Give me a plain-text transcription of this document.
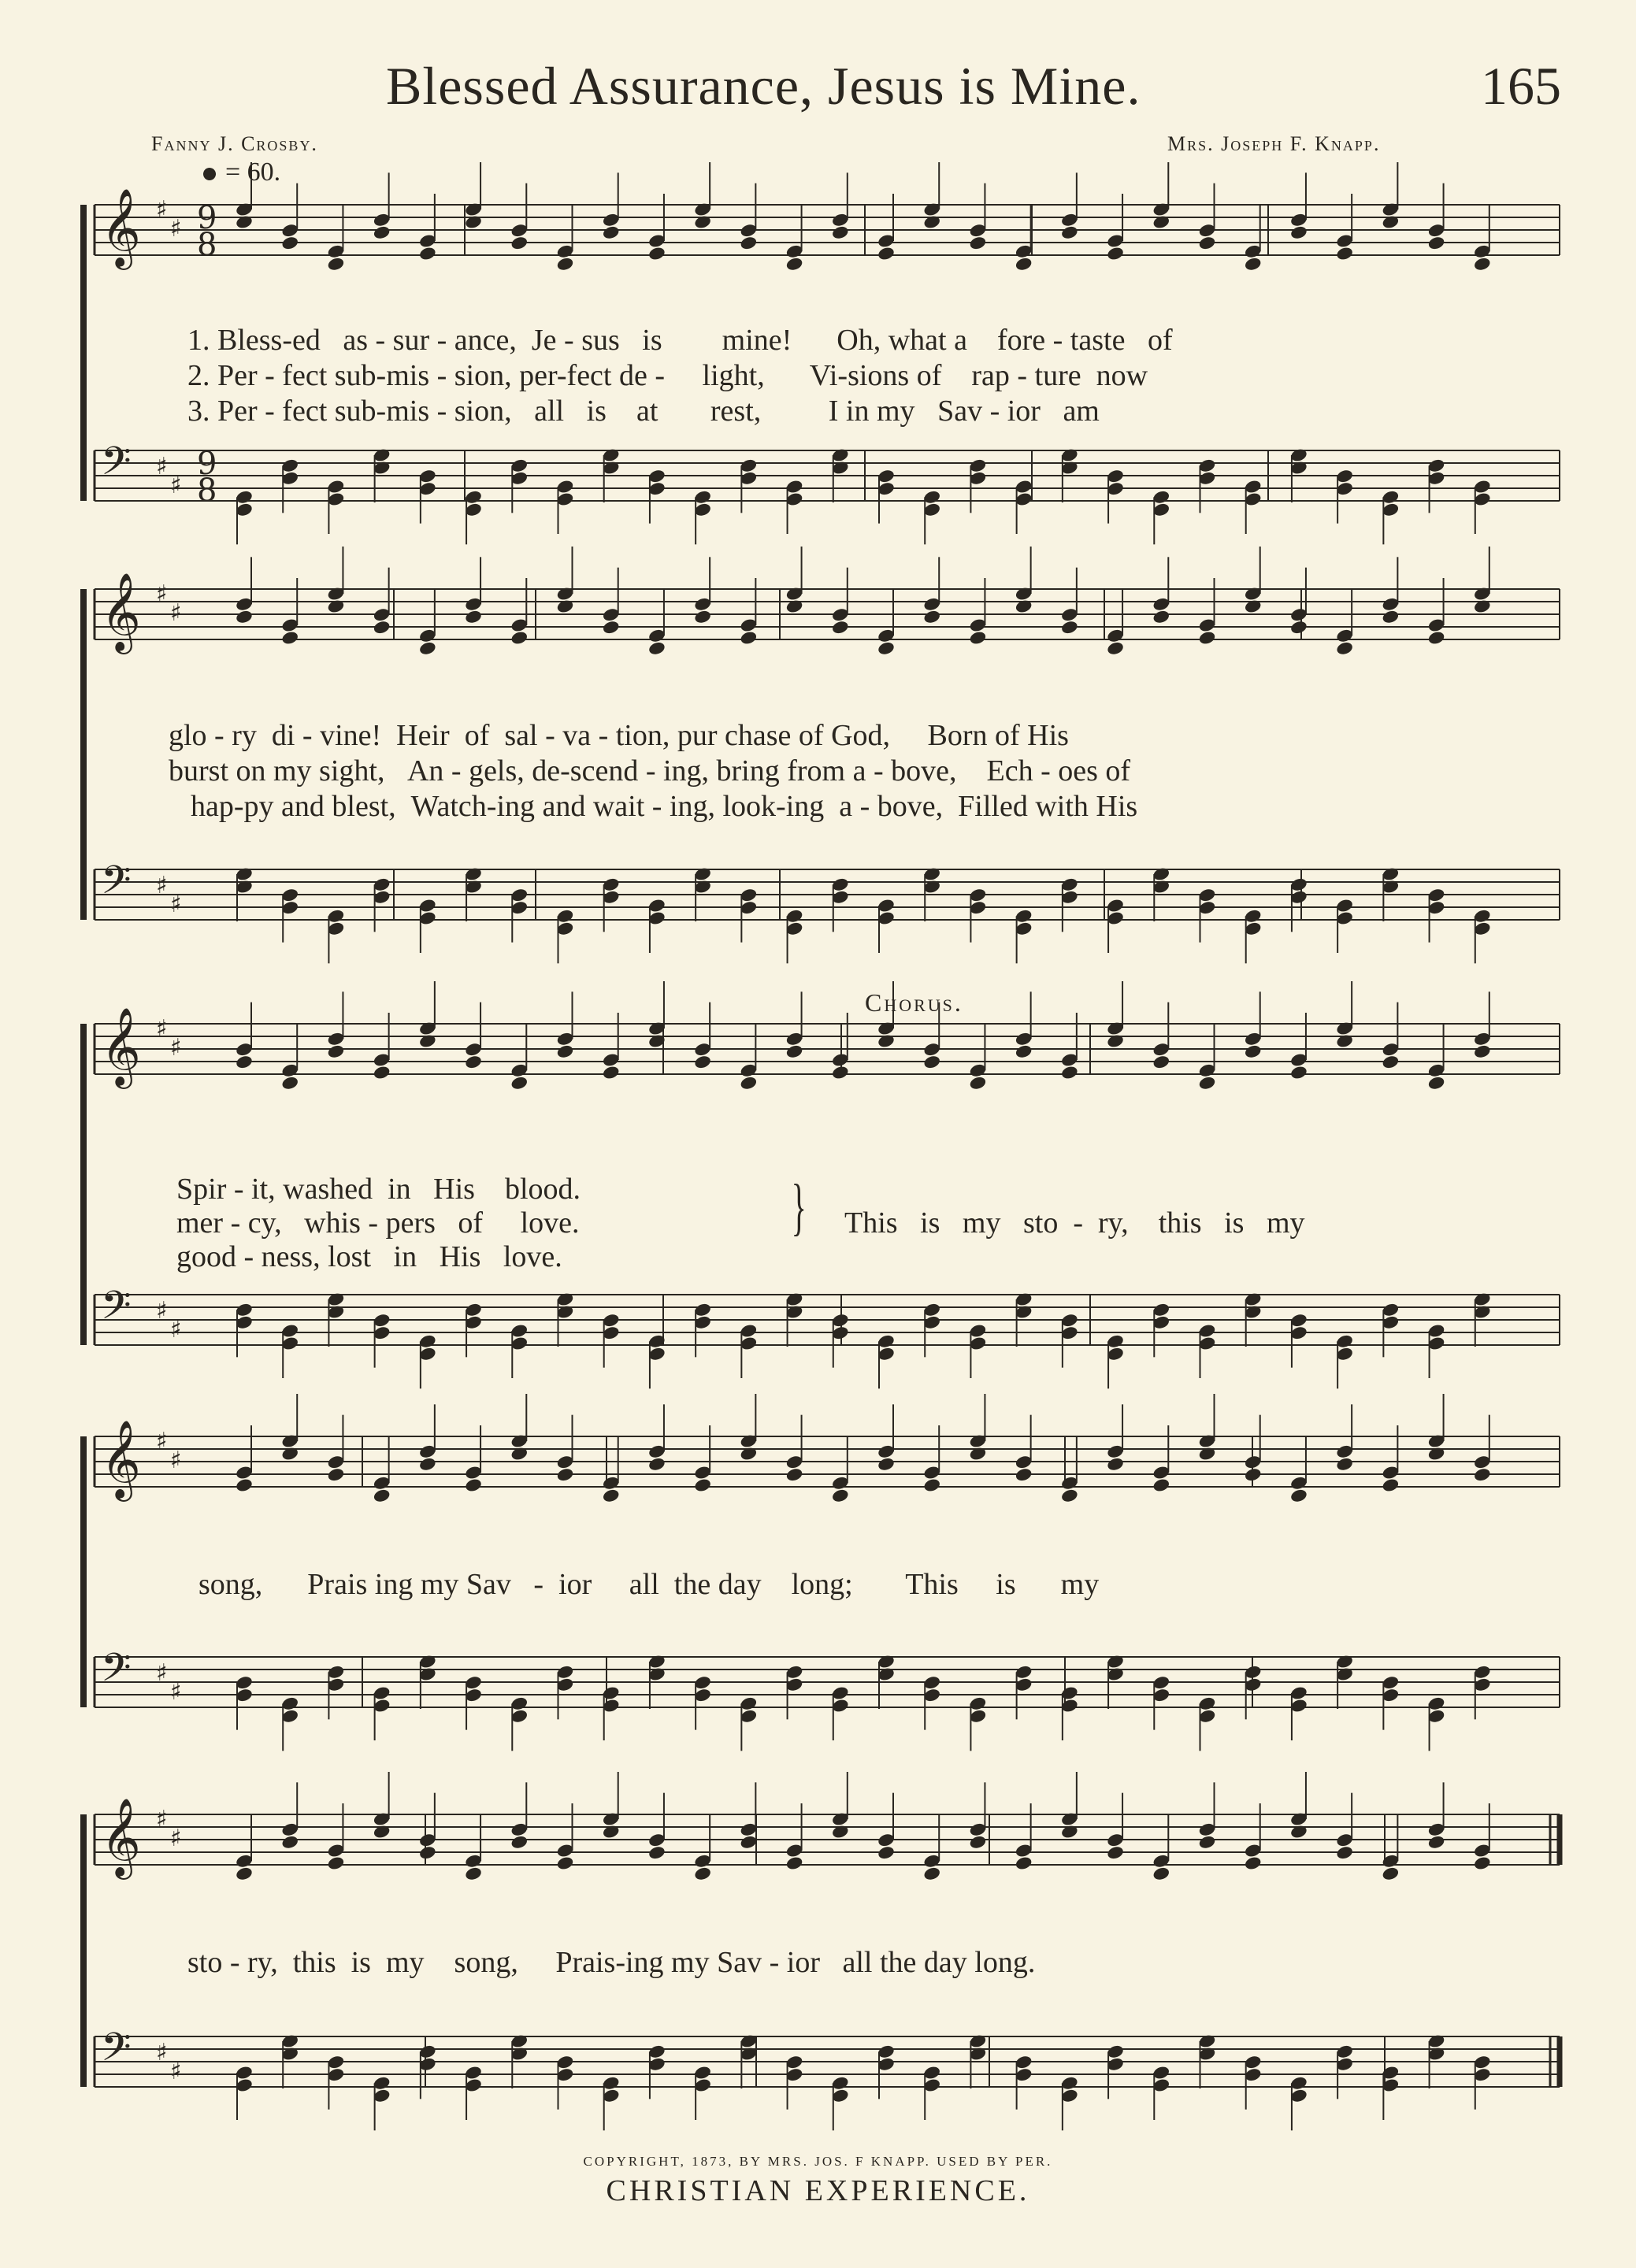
Blessed Assurance, Jesus is Mine.	165
Fanny J. Crosby.	Mrs. Joseph F. Knapp.
= 60.
𝄞 ♯
♯
𝄢 ♯
♯
9
8
9
8
𝄞 ♯
♯
𝄢 ♯
♯
𝄞 ♯
♯
𝄢 ♯
♯
𝄞 ♯
♯
𝄢 ♯
♯
𝄞 ♯
♯
𝄢 ♯
♯
1. Bless-ed as - sur - ance, Je - sus is mine! Oh, what a fore - taste of
2. Per - fect sub-mis - sion, per-fect de - light, Vi-sions of rap - ture now
3. Per - fect sub-mis - sion, all is at rest, I in my Sav - ior am
glo - ry di - vine! Heir of sal - va - tion, pur chase of God, Born of His
burst on my sight, An - gels, de-scend - ing, bring from a - bove, Ech - oes of
hap-py and blest, Watch-ing and wait - ing, look-ing a - bove, Filled with His
Chorus.
Spir - it, washed in His blood.
mer - cy, whis - pers of love.
good - ness, lost in His love.
} This is my sto - ry, this is my
song, Prais ing my Sav - ior all the day long; This is my
sto - ry, this is my song, Prais-ing my Sav - ior all the day long.
COPYRIGHT, 1873, BY MRS. JOS. F KNAPP. USED BY PER.
CHRISTIAN EXPERIENCE.
